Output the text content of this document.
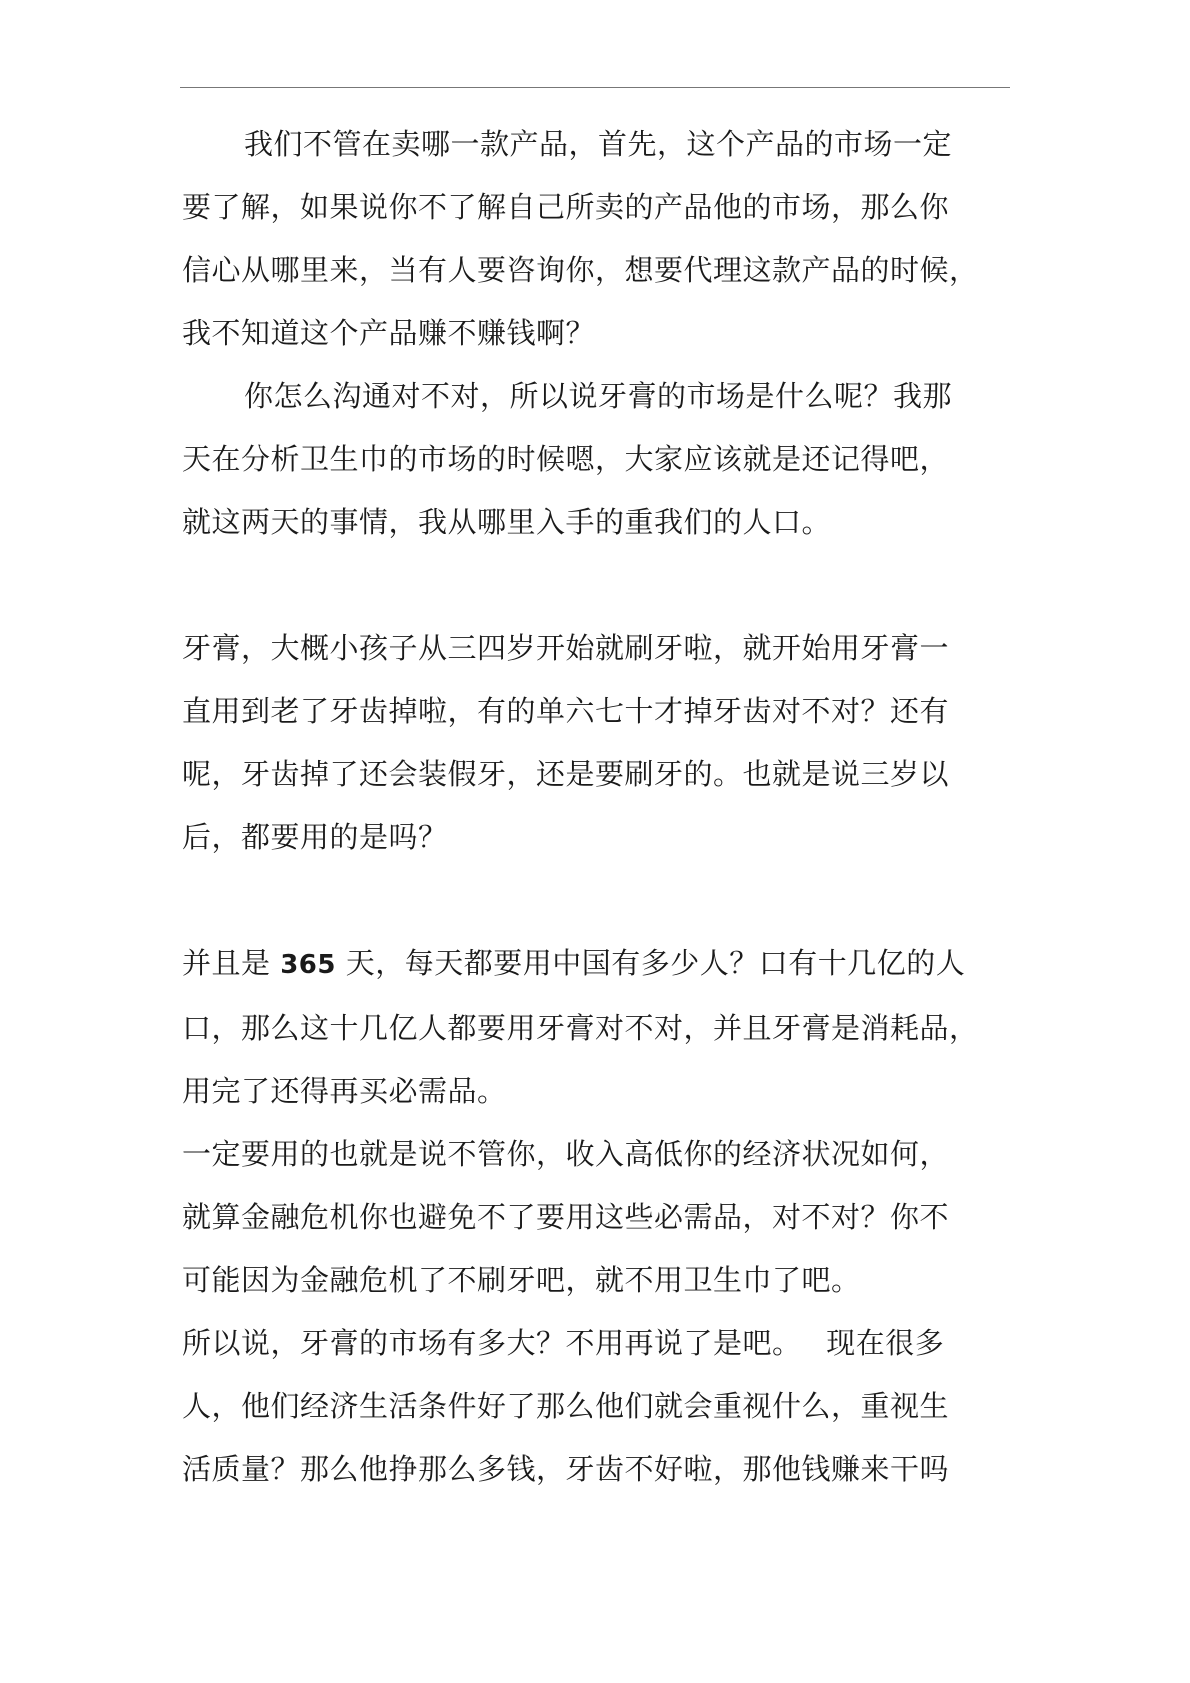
我们不管在卖哪一款产品，首先，这个产品的市场一定
要了解，如果说你不了解自己所卖的产品他的市场，那么你
信心从哪里来，当有人要咨询你，想要代理这款产品的时候，
我不知道这个产品赚不赚钱啊？

你怎么沟通对不对，所以说牙膏的市场是什么呢？我那
天在分析卫生巾的市场的时候嗯，大家应该就是还记得吧，
就这两天的事情，我从哪里入手的重我们的人口。

牙膏，大概小孩子从三四岁开始就刷牙啦，就开始用牙膏一
直用到老了牙齿掉啦，有的单六七十才掉牙齿对不对？还有
呢，牙齿掉了还会装假牙，还是要刷牙的。也就是说三岁以
后，都要用的是吗？

并且是 365 天，每天都要用中国有多少人？口有十几亿的人
口，那么这十几亿人都要用牙膏对不对，并且牙膏是消耗品，
用完了还得再买必需品。

一定要用的也就是说不管你，收入高低你的经济状况如何，
就算金融危机你也避免不了要用这些必需品，对不对？你不
可能因为金融危机了不刷牙吧，就不用卫生巾了吧。

所以说，牙膏的市场有多大？不用再说了是吧。　 现在很多
人，他们经济生活条件好了那么他们就会重视什么，重视生
活质量？那么他挣那么多钱，牙齿不好啦，那他钱赚来干吗
